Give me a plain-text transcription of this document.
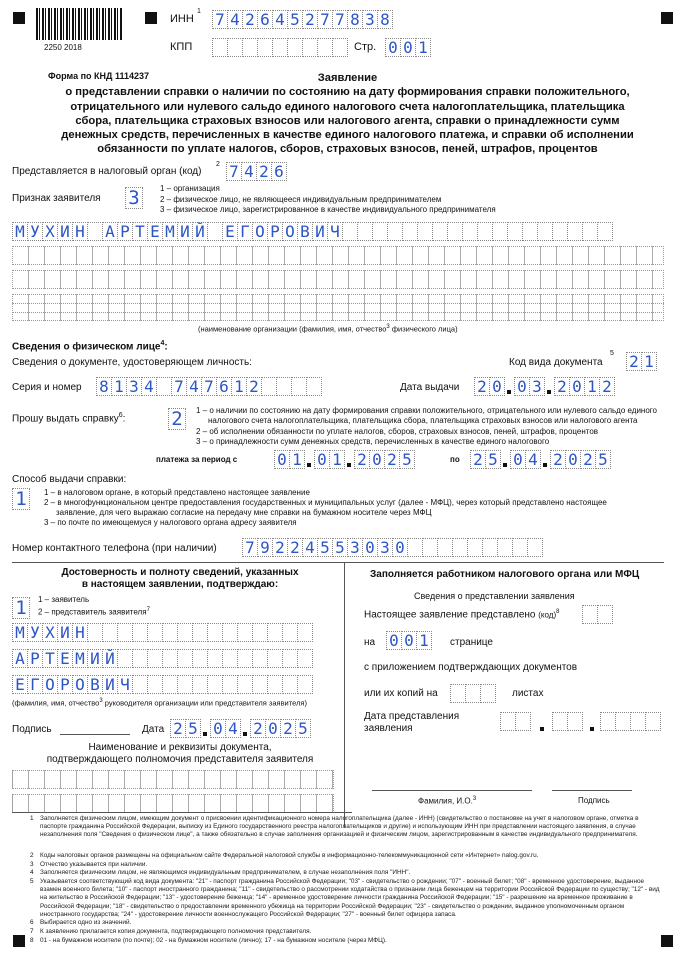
2250 2018
ИНН
1 7 4 2 6 4 5 2 7 7 8 3 8
КПП	Стр. 0 0 1
Форма по КНД 1114237	Заявление
о представлении справки о наличии по состоянию на дату формирования справки положительного,
отрицательного или нулевого сальдо единого налогового счета налогоплательщика, плательщика
сбора, плательщика страховых взносов или налогового агента, справки о принадлежности сумм
денежных средств, перечисленных в качестве единого налогового платежа, и справки об исполнении
обязанности по уплате налогов, сборов, страховых взносов, пеней, штрафов, процентов
Представляется в налоговый орган (код)
2 7 4 2 6
Признак заявителя 3	1 – организация
2 – физическое лицо, не являющееся индивидуальным предпринимателем
3 – физическое лицо, зарегистрированное в качестве индивидуального предпринимателя
М У Х И Н А Р Т Е М И Й Е Г О Р О В И Ч
(наименование организации (фамилия, имя, отчество$^3$ физического лица)
Сведения о физическом лице$^4$:
Сведения о документе, удостоверяющем личность:	Код вида документа
5 2 1
Серия и номер 8 1 3 4 7 4 7 6 1 2	Дата выдачи 2 0 0 3 2 0 1 2
Прошу выдать справку$^6$: 2	1 – о наличии по состоянию на дату формирования справки положительного, отрицательного или нулевого сальдо единого
налогового счета налогоплательщика, плательщика сбора, плательщика страховых взносов или налогового агента
2 – об исполнении обязанности по уплате налогов, сборов, страховых взносов, пеней, штрафов, процентов
3 – о принадлежности сумм денежных средств, перечисленных в качестве единого налогового
платежа за период с 0 1 0 1 2 0 2 5	по 2 5 0 4 2 0 2 5
Способ выдачи справки:
1	1 – в налоговом органе, в который представлено настоящее заявление
2 – в многофункциональном центре предоставления государственных и муниципальных услуг (далее - МФЦ), через который представлено настоящее
заявление, для чего выражаю согласие на передачу мне справки на бумажном носителе через МФЦ
3 – по почте по имеющемуся у налогового органа адресу заявителя
Номер контактного телефона (при наличии) 7 9 2 2 4 5 5 3 0 3 0
Достоверность и полноту сведений, указанных
в настоящем заявлении, подтверждаю:
1	1 – заявитель
2 – представитель заявителя$^7$
М У Х И Н
А Р Т Е М И Й
Е Г О Р О В И Ч
(фамилия, имя, отчество$^3$ руководителя организации или представителя заявителя)
Подпись	Дата 2 5 0 4 2 0 2 5
Наименование и реквизиты документа,
подтверждающего полномочия представителя заявителя
Заполняется работником налогового органа или МФЦ
Сведения о представлении заявления
Настоящее заявление представлено (код)$^8$
на 0 0 1	странице
с приложением подтверждающих документов
или их копий на	листах
Дата представления
заявления
Фамилия, И.О.$^3$	Подпись
1 Заполняется физическим лицом, имеющим документ о присвоении идентификационного номера налогоплательщика (далее - ИНН) (свидетельство о постановке на учет в налоговом органе, отметка в паспорте гражданина Российской Федерации, выписку из Единого государственного реестра налогоплательщиков и другие) и использующим ИНН при представлении настоящего заявления, в случае незаполнения поля "Сведения о физическом лице", а также обязательно в случае заполнения организацией и физическим лицом, зарегистрированным в качестве индивидуального предпринимателя.
2 Коды налоговых органов размещены на официальном сайте Федеральной налоговой службы в информационно-телекоммуникационной сети «Интернет» nalog.gov.ru.
3 Отчество указывается при наличии.
4 Заполняется физическим лицом, не являющимся индивидуальным предпринимателем, в случае незаполнения поля "ИНН".
5 Указывается соответствующий код вида документа: "21" - паспорт гражданина Российской Федерации; "03" - свидетельство о рождении; "07" - военный билет; "08" - временное удостоверение, выданное взамен военного билета; "10" - паспорт иностранного гражданина; "11" - свидетельство о рассмотрении ходатайства о признании лица беженцем на территории Российской Федерации по существу; "12" - вид на жительство в Российской Федерации; "13" - удостоверение беженца; "14" - временное удостоверение личности гражданина Российской Федерации; "15" - разрешение на временное проживание в Российской Федерации; "18" - свидетельство о предоставлении временного убежища на территории Российской Федерации; "23" - свидетельство о рождении, выданное уполномоченным органом иностранного государства; "24" - удостоверение личности военнослужащего Российской Федерации; "27" - военный билет офицера запаса.
6 Выбирается одно из значений.
7 К заявлению прилагается копия документа, подтверждающего полномочия представителя.
8 01 - на бумажном носителе (по почте); 02 - на бумажном носителе (лично); 17 - на бумажном носителе (через МФЦ).
